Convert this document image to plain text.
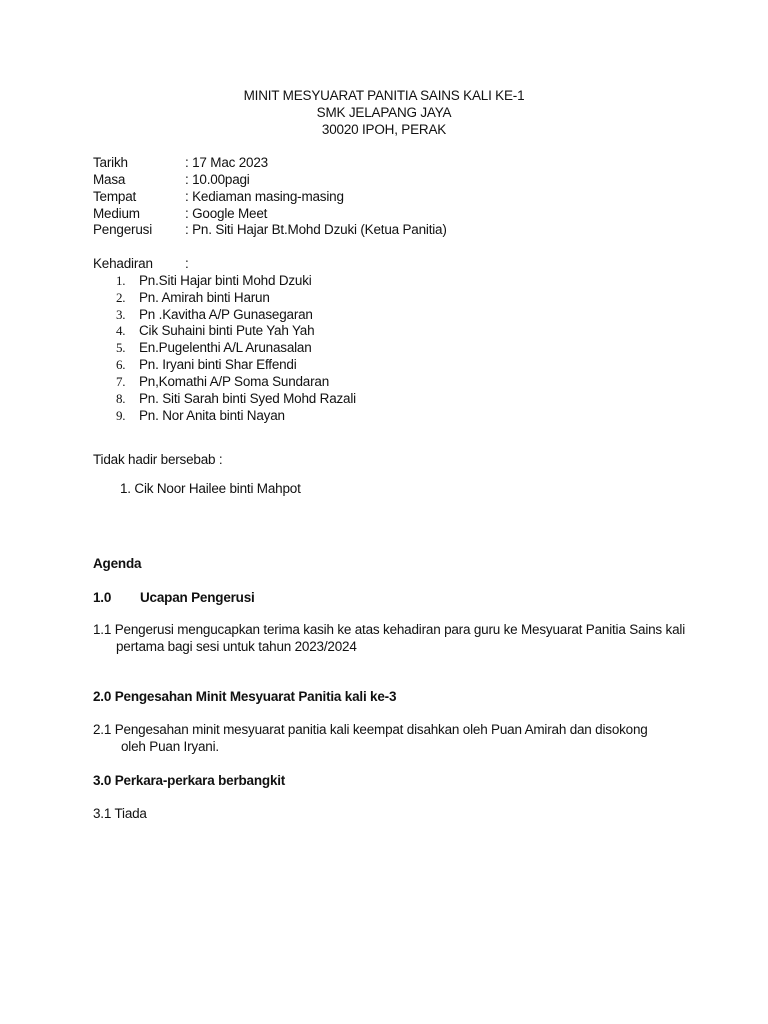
MINIT MESYUARAT PANITIA SAINS KALI KE-1
SMK JELAPANG JAYA
30020 IPOH, PERAK
Tarikh	: 17 Mac 2023
Masa	: 10.00pagi
Tempat	: Kediaman masing-masing
Medium	: Google Meet
Pengerusi : Pn. Siti Hajar Bt.Mohd Dzuki (Ketua Panitia)
Kehadiran :
1. Pn.Siti Hajar binti Mohd Dzuki
2. Pn. Amirah binti Harun
3. Pn .Kavitha A/P Gunasegaran
4. Cik Suhaini binti Pute Yah Yah
5. En.Pugelenthi A/L Arunasalan
6. Pn. Iryani binti Shar Effendi
7. Pn,Komathi A/P Soma Sundaran
8. Pn. Siti Sarah binti Syed Mohd Razali
9. Pn. Nor Anita binti Nayan
Tidak hadir bersebab :
1. Cik Noor Hailee binti Mahpot
Agenda
1.0 Ucapan Pengerusi
1.1 Pengerusi mengucapkan terima kasih ke atas kehadiran para guru ke Mesyuarat Panitia Sains kali
pertama bagi sesi untuk tahun 2023/2024
2.0 Pengesahan Minit Mesyuarat Panitia kali ke-3
2.1 Pengesahan minit mesyuarat panitia kali keempat disahkan oleh Puan Amirah dan disokong
oleh Puan Iryani.
3.0 Perkara-perkara berbangkit
3.1 Tiada
